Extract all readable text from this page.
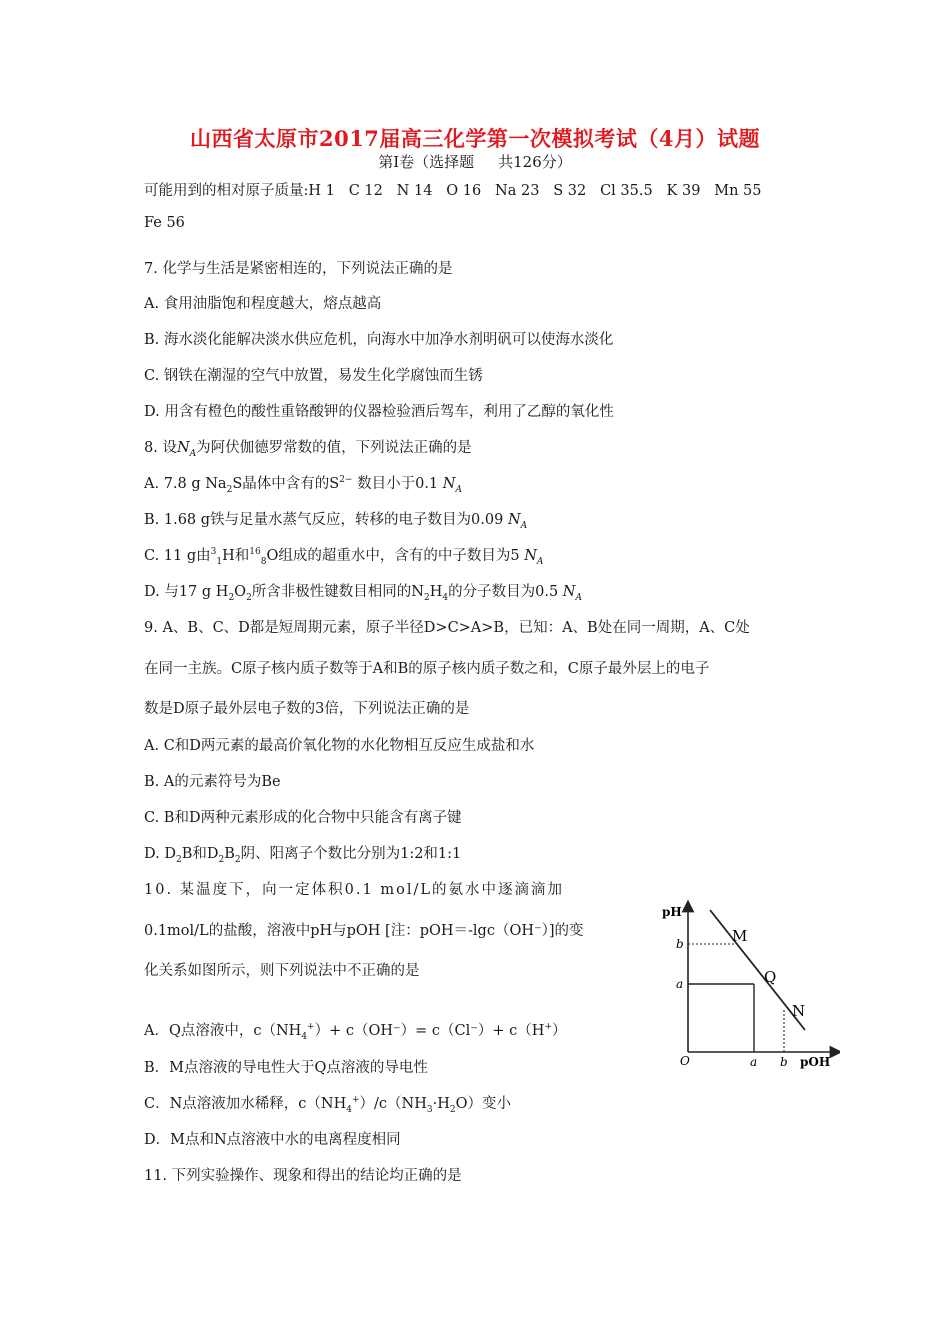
山西省太原市2017届高三化学第一次模拟考试（4月）试题
第Ⅰ卷（选择题 共126分）
可能用到的相对原子质量:H 1   C 12   N 14   O 16   Na 23   S 32   Cl 35.5   K 39   Mn 55
Fe 56
7. 化学与生活是紧密相连的，下列说法正确的是
A. 食用油脂饱和程度越大，熔点越高
B. 海水淡化能解决淡水供应危机，向海水中加净水剂明矾可以使海水淡化
C. 钢铁在潮湿的空气中放置，易发生化学腐蚀而生锈
D. 用含有橙色的酸性重铬酸钾的仪器检验酒后驾车，利用了乙醇的氧化性
8. 设$N_A$为阿伏伽德罗常数的值，下列说法正确的是
A. 7.8 g $Na_2S$晶体中含有的$S^{2-}$ 数目小于0.1 $N_A$
B. 1.68 g铁与足量水蒸气反应，转移的电子数目为0.09 $N_A$
C. 11 g由$^3_1$H和$^{16}_8$O组成的超重水中，含有的中子数目为5 $N_A$
D. 与17 g $H_2O_2$所含非极性键数目相同的$N_2H_4$的分子数目为0.5 $N_A$
9. A、B、C、D都是短周期元素，原子半径D>C>A>B，已知：A、B处在同一周期，A、C处
在同一主族。C原子核内质子数等于A和B的原子核内质子数之和，C原子最外层上的电子
数是D原子最外层电子数的3倍，下列说法正确的是
A. C和D两元素的最高价氧化物的水化物相互反应生成盐和水
B. A的元素符号为Be
C. B和D两种元素形成的化合物中只能含有离子键
D. $D_2B$和$D_2B_2$阴、阳离子个数比分别为1:2和1:1
10. 某温度下，向一定体积0.1 mol/L的氨水中逐滴滴加
0.1mol/L的盐酸，溶液中pH与pOH [注：pOH＝-lgc（OH⁻）]的变
化关系如图所示，则下列说法中不正确的是
A．Q点溶液中，$c(NH_4^+)+ c(OH^-)= c(Cl^-)+ c(H^+)$
B．M点溶液的导电性大于Q点溶液的导电性
C．N点溶液加水稀释，$c(NH_4^+)/c(NH_3\cdot H_2O)$变小
D．M点和N点溶液中水的电离程度相同
11. 下列实验操作、现象和得出的结论均正确的是
pH
pOH
O
b
a
a b
M
Q
N
